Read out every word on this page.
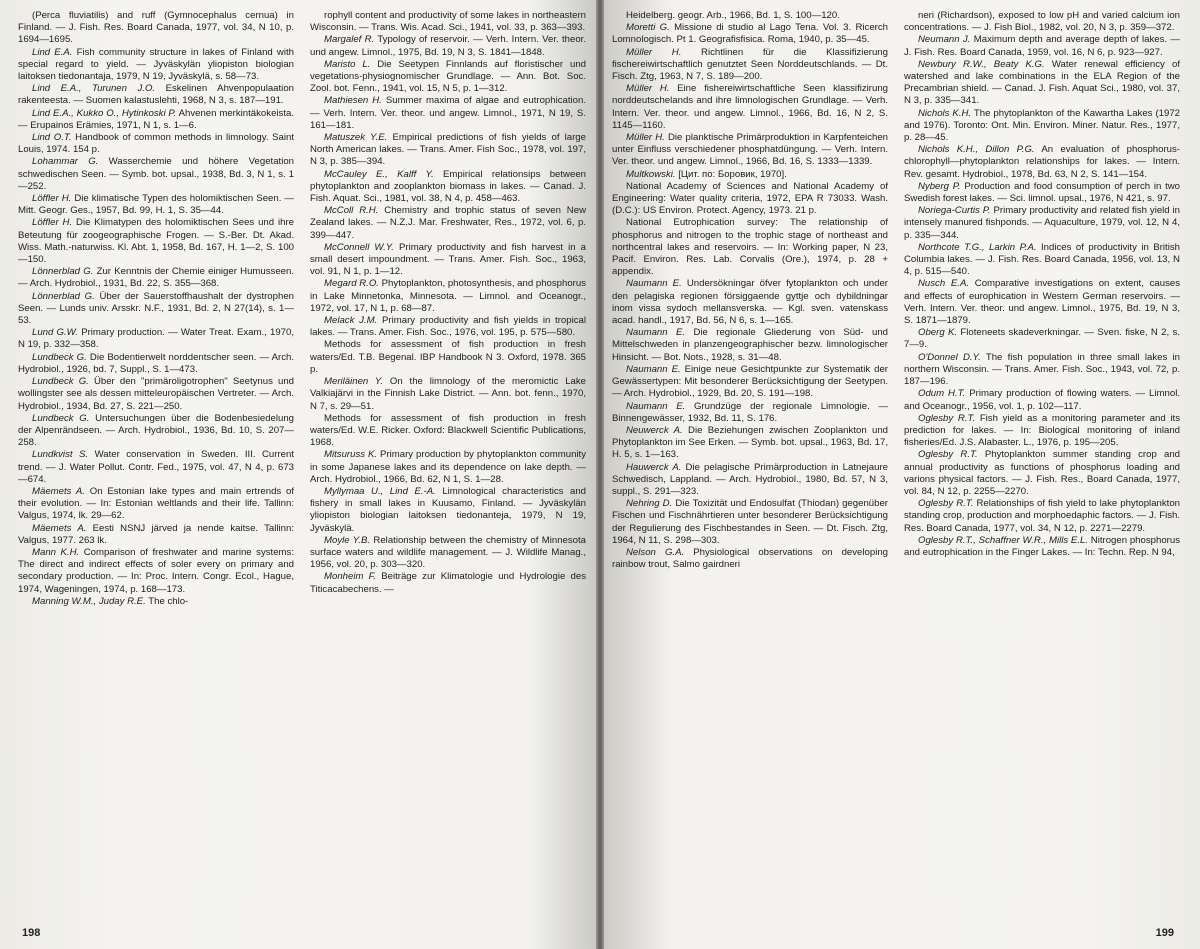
(Perca fluviatilis) and ruff (Gymnocephalus cernua) in Finland. — J. Fish. Res. Board Canada, 1977, vol. 34, N 10, p. 1694—1695.

Lind E.A. Fish community structure in lakes of Finland with special regard to yield. — Jyväskylän yliopiston biologian laitoksen tiedonantaja, 1979, N 19, Jyväskylä, s. 58—73.

Lind E.A., Turunen J.O. Eskelinen Ahvenpopulaation rakenteesta. — Suomen kalastuslehti, 1968, N 3, s. 187—191.

Lind E.A., Kukko O., Hytinkoski P. Ahvenen merkintäkokeista. — Erupainos Erämies, 1971, N 1, s. 1—6.

Lind O.T. Handbook of common methods in limnology. Saint Louis, 1974. 154 p.

Lohammar G. Wasserchemie und höhere Vegetation schwedischen Seen. — Symb. bot. upsal., 1938, Bd. 3, N 1, s. 1—252.

Löffler H. Die klimatische Typen des holomiktischen Seen. — Mitt. Geogr. Ges., 1957, Bd. 99, H. 1, S. 35—44.

Löffler H. Die Klimatypen des holomiktischen Sees und ihre Beteutung für zoogeographische Frogen. — S.-Ber. Dt. Akad. Wiss. Math.-naturwiss. Kl. Abt. 1, 1958, Bd. 167, H. 1—2, S. 100—150.

Lönnerblad G. Zur Kenntnis der Chemie einiger Humusseen. — Arch. Hydrobiol., 1931, Bd. 22, S. 355—368.

Lönnerblad G. Über der Sauerstoffhaushalt der dystrophen Seen. — Lunds univ. Arsskr. N.F., 1931, Bd. 2, N 27(14), s. 1—53.

Lund G.W. Primary production. — Water Treat. Exam., 1970, N 19, p. 332—358.

Lundbeck G. Die Bodentierwelt norddentscher seen. — Arch. Hydrobiol., 1926, bd. 7, Suppl., S. 1—473.

Lundbeck G. Über den "primäroligotrophen" Seetynus und wollingster see als dessen mitteleuropäischen Vertreter. — Arch. Hydrobiol., 1934, Bd. 27, S. 221—250.

Lundbeck G. Untersuchungen über die Bodenbesiedelung der Alpenrändseen. — Arch. Hydrobiol., 1936, Bd. 10, S. 207—258.

Lundkvist S. Water conservation in Sweden. III. Current trend. — J. Water Pollut. Contr. Fed., 1975, vol. 47, N 4, p. 673—674.

Mäemets A. On Estonian lake types and main ertrends of their evolution. — In: Estonian weltlands and their life. Tallinn: Valgus, 1974, lk. 29—62.

Mäemets A. Eesti NSNJ järved ja nende kaitse. Tallinn: Valgus, 1977. 263 lk.

Mann K.H. Comparison of freshwater and marine systems: The direct and indirect effects of soler every on primary and secondary production. — In: Proc. Intern. Congr. Ecol., Hague, 1974, Wageningen, 1974, p. 168—173.

Manning W.M., Juday R.E. The chlo-

rophyll content and productivity of some lakes in northeastern Wisconsin. — Trans. Wis. Acad. Sci., 1941, vol. 33, p. 363—393.

Margalef R. Typology of reservoir. — Verh. Intern. Ver. theor. und angew. Limnol., 1975, Bd. 19, N 3, S. 1841—1848.

Maristo L. Die Seetypen Finnlands auf floristischer und vegetations-physiognomischer Grundlage. — Ann. Bot. Soc. Zool. bot. Fenn., 1941, vol. 15, N 5, p. 1—312.

Mathiesen H. Summer maxima of algae and eutrophication. — Verh. Intern. Ver. theor. und angew. Limnol., 1971, N 19, S. 161—181.

Matuszek Y.E. Empirical predictions of fish yields of large North American lakes. — Trans. Amer. Fish Soc., 1978, vol. 197, N 3, p. 385—394.

McCauley E., Kalff Y. Empirical relationsips between phytoplankton and zooplankton biomass in lakes. — Canad. J. Fish. Aquat. Sci., 1981, vol. 38, N 4, p. 458—463.

McColl R.H. Chemistry and trophic status of seven New Zealand lakes. — N.Z.J. Mar. Freshwater, Res., 1972, vol. 6, p. 399—447.

McConnell W.Y. Primary productivity and fish harvest in a small desert impoundment. — Trans. Amer. Fish. Soc., 1963, vol. 91, N 1, p. 1—12.

Megard R.O. Phytoplankton, photosynthesis, and phosphorus in Lake Minnetonka, Minnesota. — Limnol. and Oceanogr., 1972, vol. 17, N 1, p. 68—87.

Melack J.M. Primary productivity and fish yields in tropical lakes. — Trans. Amer. Fish. Soc., 1976, vol. 195, p. 575—580.

Methods for assessment of fish production in fresh waters/Ed. T.B. Begenal. IBP Handbook N 3. Oxford, 1978. 365 p.

Meriläinen Y. On the limnology of the meromictic Lake Valkiajärvi in the Finnish Lake District. — Ann. bot. fenn., 1970, N 7, s. 29—51.

Methods for assessment of fish production in fresh waters/Ed. W.E. Ricker. Oxford: Blackwell Scientific Publications, 1968.

Mitsuruss K. Primary production by phytoplankton community in some Japanese lakes and its dependence on lake depth. — Arch. Hydrobiol., 1966, Bd. 62, N 1, S. 1—28.

Myllymaa U., Lind E.-A. Limnological characteristics and fishery in small lakes in Kuusamo, Finland. — Jyväskylän yliopiston biologian laitoksen tiedonanteja, 1979, N 19, Jyväskylä.

Moyle Y.B. Relationship between the chemistry of Minnesota surface waters and wildlife management. — J. Wildlife Manag., 1956, vol. 20, p. 303—320.

Monheim F. Beiträge zur Klimatologie und Hydrologie des Titicacabechens. —

198

Heidelberg. geogr. Arb., 1966, Bd. 1, S. 100—120.

Moretti G. Missione di studio al Lago Tena. Vol. 3. Ricerch Lomnologisch. Pt 1. Geografisfisica. Roma, 1940, p. 35—45.

Müller H. Richtlinen für die Klassifizierung fischereiwirtschaftlich genutztet Seen Norddeutschlands. — Dt. Fisch. Ztg, 1963, N 7, S. 189—200.

Müller H. Eine fishereiwirtschaftliche Seen klassifizirung norddeutschelands and ihre limnologischen Grundlage. — Verh. Intern. Ver. theor. und angew. Limnol., 1966, Bd. 16, N 2, S. 1145—1160.

Müller H. Die planktische Primärproduktion in Karpfenteichen unter Einfluss verschiedener phosphatdüngung. — Verh. Intern. Ver. theor. und angew. Limnol., 1966, Bd. 16, S. 1333—1339.

Multkowski. [Цит. по: Боровик, 1970].

National Academy of Sciences and National Academy of Engineering: Water quality criteria, 1972, EPA R 73033. Wash. (D.C.): US Environ. Protect. Agency, 1973. 21 p.

National Eutrophication survey: The relationship of phosphorus and nitrogen to the trophic stage of northeast and northcentral lakes and reservoirs. — In: Working paper, N 23, Pacif. Environ. Res. Lab. Corvalis (Ore.), 1974, p. 28 + appendix.

Naumann E. Undersökningar öfver fytoplankton och under den pelagiska regionen försiggaende gyttje och dybildningar inom vissa sydoch mellansverska. — Kgl. sven. vatenskass acad. handl., 1917, Bd. 56, N 6, s. 1—165.

Naumann E. Die regionale Gliederung von Süd- und Mittelschweden in planzengeographischer bezw. limnologischer Hinsicht. — Bot. Nots., 1928, s. 31—48.

Naumann E. Einige neue Gesichtpunkte zur Systematik der Gewässertypen: Mit besonderer Berücksichtigung der Seetypen. — Arch. Hydrobiol., 1929, Bd. 20, S. 191—198.

Naumann E. Grundzüge der regionale Limnologie. — Binnengewässer, 1932, Bd. 11, S. 176.

Neuwerck A. Die Beziehungen zwischen Zooplankton und Phytoplankton im See Erken. — Symb. bot. upsal., 1963, Bd. 17, H. 5, s. 1—163.

Hauwerck A. Die pelagische Primärproduction in Latnejaure Schwedisch, Lappland. — Arch. Hydrobiol., 1980, Bd. 57, N 3, suppl., S. 291—323.

Nehring D. Die Toxizität und Endosulfat (Thiodan) gegenüber Fischen und Fischnährtieren unter besonderer Berücksichtigung der Regulierung des Fischbestandes in Seen. — Dt. Fisch. Ztg, 1964, N 11, S. 298—303.

Nelson G.A. Physiological observations on developing rainbow trout, Salmo gairdneri

neri (Richardson), exposed to low pH and varied calcium ion concentrations. — J. Fish Biol., 1982, vol. 20, N 3, p. 359—372.

Neumann J. Maximum depth and average depth of lakes. — J. Fish. Res. Board Canada, 1959, vol. 16, N 6, p. 923—927.

Newbury R.W., Beaty K.G. Water renewal efficiency of watershed and lake combinations in the ELA Region of the Precambrian shield. — Canad. J. Fish. Aquat Sci., 1980, vol. 37, N 3, p. 335—341.

Nichols K.H. The phytoplankton of the Kawartha Lakes (1972 and 1976). Toronto: Ont. Min. Environ. Miner. Natur. Res., 1977, p. 28—45.

Nichols K.H., Dillon P.G. An evaluation of phosphorus-chlorophyll—phytoplankton relationships for lakes. — Intern. Rev. gesamt. Hydrobiol., 1978, Bd. 63, N 2, S. 141—154.

Nyberg P. Production and food consumption of perch in two Swedish forest lakes. — Sci. limnol. upsal., 1976, N 421, s. 97.

Noriega-Curtis P. Primary productivity and related fish yield in intensely manured fishponds. — Aquaculture, 1979, vol. 12, N 4, p. 335—344.

Northcote T.G., Larkin P.A. Indices of productivity in British Columbia lakes. — J. Fish. Res. Board Canada, 1956, vol. 13, N 4, p. 515—540.

Nusch E.A. Comparative investigations on extent, causes and effects of europhication in Western German reservoirs. — Verh. Intern. Ver. theor. und angew. Limnol., 1975, Bd. 19, N 3, S. 1871—1879.

Oberg K. Floteneets skadeverkningar. — Sven. fiske, N 2, s. 7—9.

O'Donnel D.Y. The fish population in three small lakes in northern Wisconsin. — Trans. Amer. Fish. Soc., 1943, vol. 72, p. 187—196.

Odum H.T. Primary production of flowing waters. — Limnol. and Oceanogr., 1956, vol. 1, p. 102—117.

Oglesby R.T. Fish yield as a monitoring parameter and its prediction for lakes. — In: Biological monitoring of inland fisheries/Ed. J.S. Alabaster. L., 1976, p. 195—205.

Oglesby R.T. Phytoplankton summer standing crop and annual productivity as functions of phosphorus loading and varions physical factors. — J. Fish. Res., Board Canada, 1977, vol. 84, N 12, p. 2255—2270.

Oglesby R.T. Relationships of fish yield to lake phytoplankton standing crop, production and morphoedaphic factors. — J. Fish. Res. Board Canada, 1977, vol. 34, N 12, p. 2271—2279.

Oglesby R.T., Schaffner W.R., Mills E.L. Nitrogen phosphorus and eutrophication in the Finger Lakes. — In: Techn. Rep. N 94,

199
